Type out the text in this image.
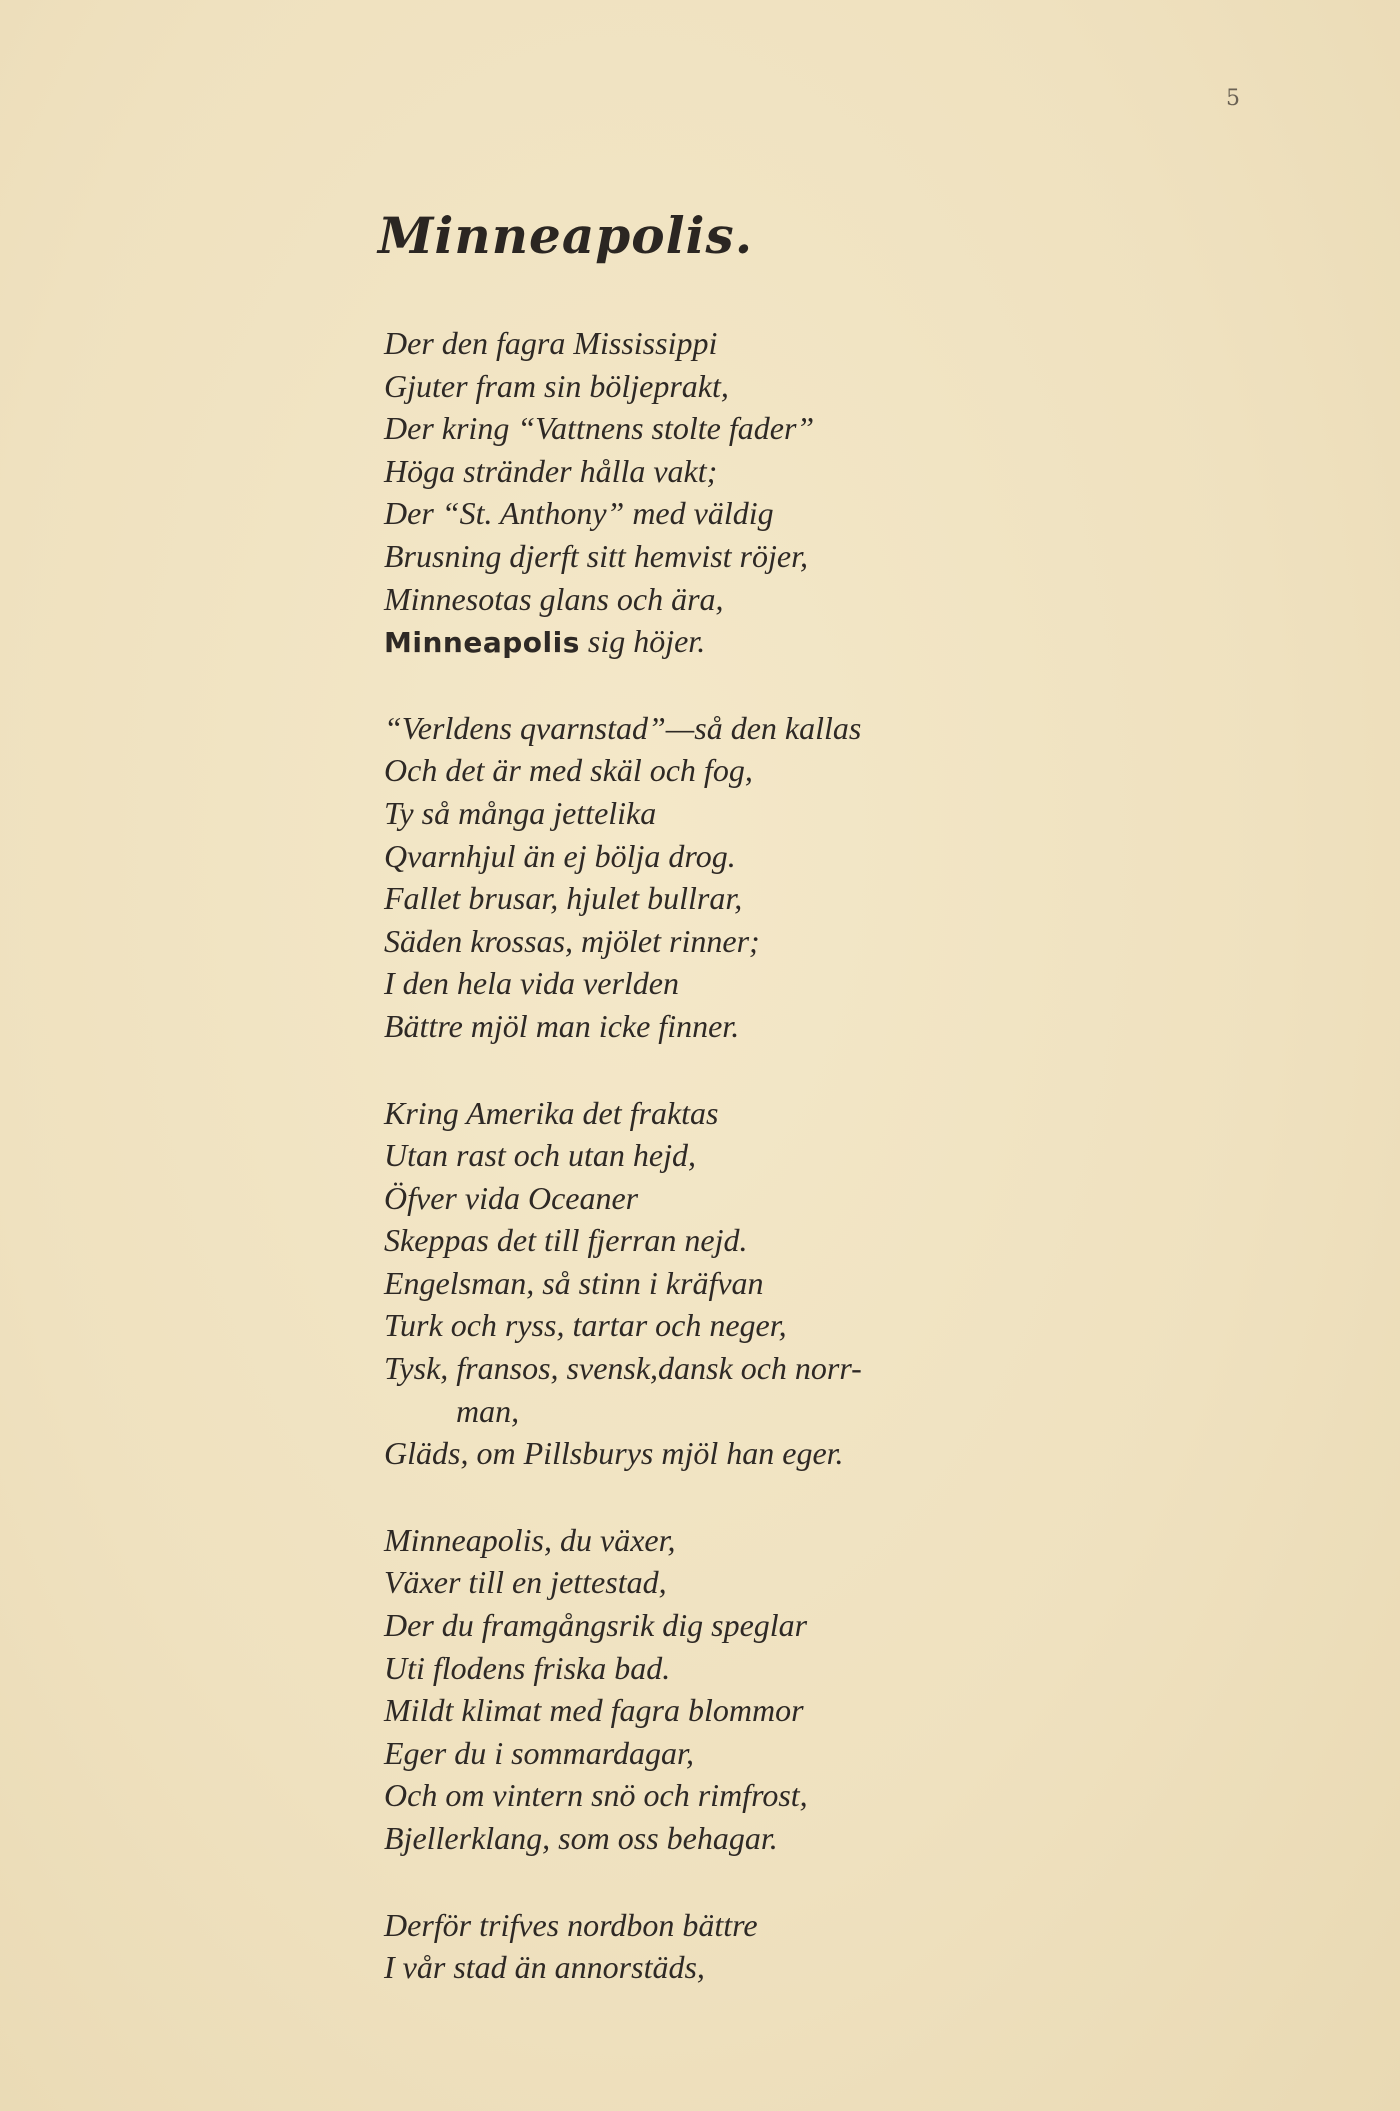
5
Minneapolis.
Der den fagra Mississippi
Gjuter fram sin böljeprakt,
Der kring “Vattnens stolte fader”
Höga stränder hålla vakt;
Der “St. Anthony” med väldig
Brusning djerft sitt hemvist röjer,
Minnesotas glans och ära,
Minneapolis sig höjer.
“Verldens qvarnstad”—så den kallas
Och det är med skäl och fog,
Ty så många jettelika
Qvarnhjul än ej bölja drog.
Fallet brusar, hjulet bullrar,
Säden krossas, mjölet rinner;
I den hela vida verlden
Bättre mjöl man icke finner.
Kring Amerika det fraktas
Utan rast och utan hejd,
Öfver vida Oceaner
Skeppas det till fjerran nejd.
Engelsman, så stinn i kräfvan
Turk och ryss, tartar och neger,
Tysk, fransos, svensk,dansk och norr-
man,
Gläds, om Pillsburys mjöl han eger.
Minneapolis, du växer,
Växer till en jettestad,
Der du framgångsrik dig speglar
Uti flodens friska bad.
Mildt klimat med fagra blommor
Eger du i sommardagar,
Och om vintern snö och rimfrost,
Bjellerklang, som oss behagar.
Derför trifves nordbon bättre
I vår stad än annorstäds,
